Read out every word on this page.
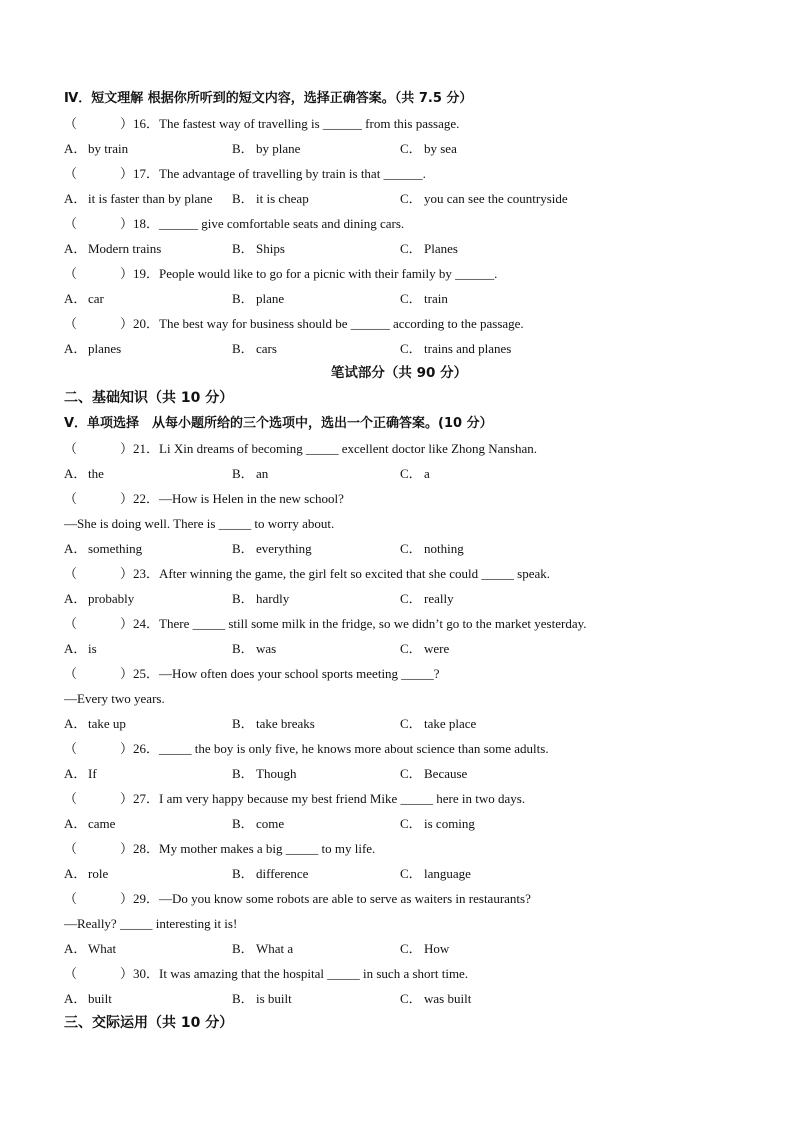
Ⅳ．短文理解 根据你所听到的短文内容，选择正确答案。（共 7.5 分）
（	）16．The fastest way of travelling is ______ from this passage.
A． by train	B． by plane	C． by sea
（	）17．The advantage of travelling by train is that ______.
A． it is faster than by plane B． it is cheap	C． you can see the countryside
（	）18．______ give comfortable seats and dining cars.
A． Modern trains	B． Ships	C． Planes
（	）19．People would like to go for a picnic with their family by ______.
A． car	B． plane	C． train
（	）20．The best way for business should be ______ according to the passage.
A． planes	B． cars	C． trains and planes
笔试部分（共 90 分）
二、基础知识（共 10 分）
Ⅴ．单项选择　从每小题所给的三个选项中，选出一个正确答案。(10 分）
（	）21．Li Xin dreams of becoming _____ excellent doctor like Zhong Nanshan.
A． the	B． an	C． a
（	）22．—How is Helen in the new school?
—She is doing well. There is _____ to worry about.
A． something	B． everything	C． nothing
（	）23．After winning the game, the girl felt so excited that she could _____ speak.
A． probably	B． hardly	C． really
（	）24．There _____ still some milk in the fridge, so we didn’t go to the market yesterday.
A． is	B． was	C． were
（	）25．—How often does your school sports meeting _____?
—Every two years.
A． take up	B． take breaks	C． take place
（	）26．_____ the boy is only five, he knows more about science than some adults.
A． If	B． Though	C． Because
（	）27．I am very happy because my best friend Mike _____ here in two days.
A． came	B． come	C． is coming
（	）28．My mother makes a big _____ to my life.
A． role	B． difference	C． language
（	）29．—Do you know some robots are able to serve as waiters in restaurants?
—Really? _____ interesting it is!
A． What	B． What a	C． How
（	）30．It was amazing that the hospital _____ in such a short time.
A． built	B． is built	C． was built
三、交际运用（共 10 分）
